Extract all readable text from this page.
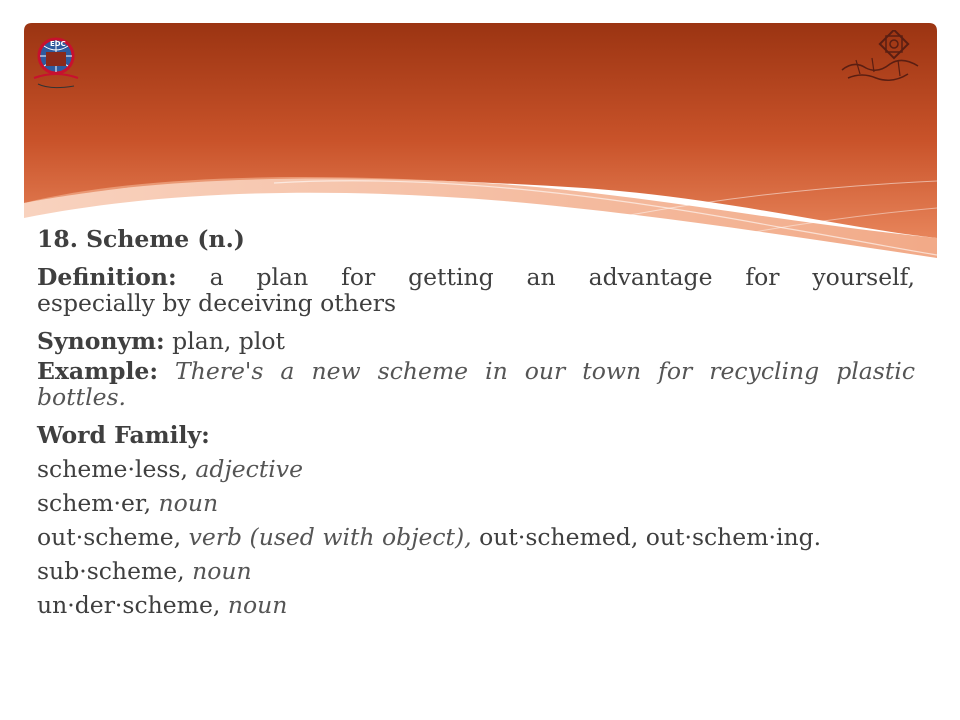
EDC
18. Scheme (n.)
Definition: a plan for getting an advantage for yourself,
especially by deceiving others
Synonym: plan, plot
Example: There's a new scheme in our town for recycling plastic
bottles.
Word Family:
scheme·less, adjective
schem·er, noun
out·scheme, verb (used with object), out·schemed, out·schem·ing.
sub·scheme, noun
un·der·scheme, noun
